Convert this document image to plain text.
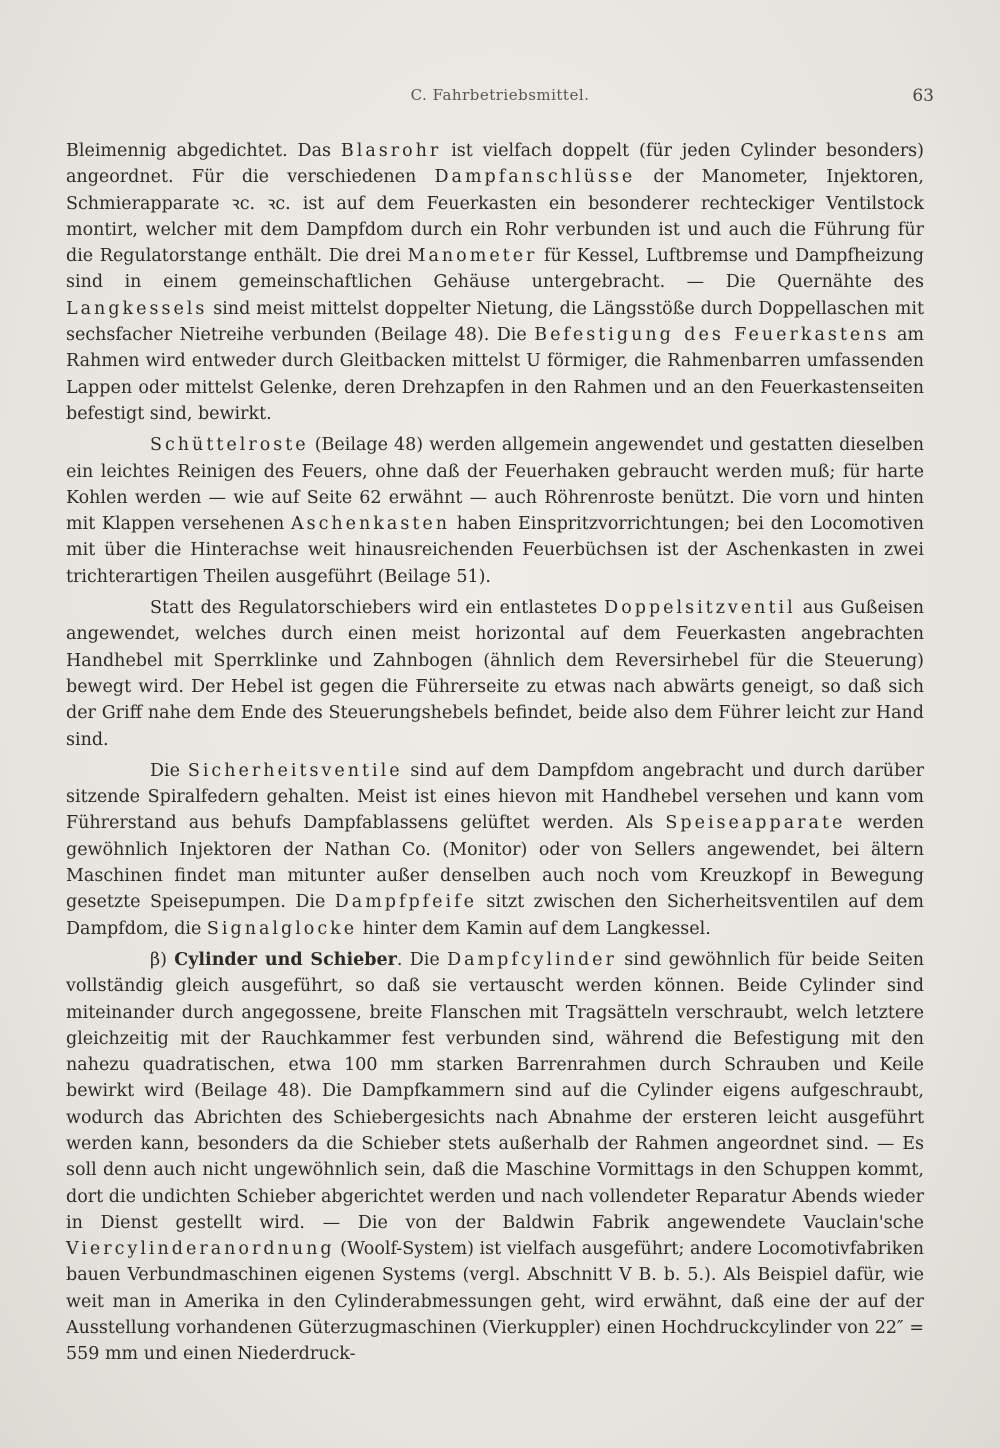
C. Fahrbetriebsmittel.	63

Bleimennig abgedichtet. Das Blasrohr ist vielfach doppelt (für jeden Cylinder besonders) angeordnet. Für die verschiedenen Dampfanschlüsse der Manometer, Injektoren, Schmierapparate ꝛc. ꝛc. ist auf dem Feuerkasten ein besonderer rechteckiger Ventilstock montirt, welcher mit dem Dampfdom durch ein Rohr verbunden ist und auch die Führung für die Regulatorstange enthält. Die drei Manometer für Kessel, Luftbremse und Dampfheizung sind in einem gemeinschaftlichen Gehäuse untergebracht. — Die Quernähte des Langkessels sind meist mittelst doppelter Nietung, die Längsstöße durch Doppellaschen mit sechsfacher Nietreihe verbunden (Beilage 48). Die Befestigung des Feuerkastens am Rahmen wird entweder durch Gleitbacken mittelst U förmiger, die Rahmenbarren umfassenden Lappen oder mittelst Gelenke, deren Drehzapfen in den Rahmen und an den Feuerkastenseiten befestigt sind, bewirkt.

Schüttelroste (Beilage 48) werden allgemein angewendet und gestatten dieselben ein leichtes Reinigen des Feuers, ohne daß der Feuerhaken gebraucht werden muß; für harte Kohlen werden — wie auf Seite 62 erwähnt — auch Röhrenroste benützt. Die vorn und hinten mit Klappen versehenen Aschenkasten haben Einspritzvorrichtungen; bei den Locomotiven mit über die Hinterachse weit hinausreichenden Feuerbüchsen ist der Aschenkasten in zwei trichterartigen Theilen ausgeführt (Beilage 51).

Statt des Regulatorschiebers wird ein entlastetes Doppelsitzventil aus Gußeisen angewendet, welches durch einen meist horizontal auf dem Feuerkasten angebrachten Handhebel mit Sperrklinke und Zahnbogen (ähnlich dem Reversirhebel für die Steuerung) bewegt wird. Der Hebel ist gegen die Führerseite zu etwas nach abwärts geneigt, so daß sich der Griff nahe dem Ende des Steuerungshebels befindet, beide also dem Führer leicht zur Hand sind.

Die Sicherheitsventile sind auf dem Dampfdom angebracht und durch darüber sitzende Spiralfedern gehalten. Meist ist eines hievon mit Handhebel versehen und kann vom Führerstand aus behufs Dampfablassens gelüftet werden. Als Speiseapparate werden gewöhnlich Injektoren der Nathan Co. (Monitor) oder von Sellers angewendet, bei ältern Maschinen findet man mitunter außer denselben auch noch vom Kreuzkopf in Bewegung gesetzte Speisepumpen. Die Dampfpfeife sitzt zwischen den Sicherheitsventilen auf dem Dampfdom, die Signalglocke hinter dem Kamin auf dem Langkessel.

β) Cylinder und Schieber. Die Dampfcylinder sind gewöhnlich für beide Seiten vollständig gleich ausgeführt, so daß sie vertauscht werden können. Beide Cylinder sind miteinander durch angegossene, breite Flanschen mit Tragsätteln verschraubt, welch letztere gleichzeitig mit der Rauchkammer fest verbunden sind, während die Befestigung mit den nahezu quadratischen, etwa 100 mm starken Barrenrahmen durch Schrauben und Keile bewirkt wird (Beilage 48). Die Dampfkammern sind auf die Cylinder eigens aufgeschraubt, wodurch das Abrichten des Schiebergesichts nach Abnahme der ersteren leicht ausgeführt werden kann, besonders da die Schieber stets außerhalb der Rahmen angeordnet sind. — Es soll denn auch nicht ungewöhnlich sein, daß die Maschine Vormittags in den Schuppen kommt, dort die undichten Schieber abgerichtet werden und nach vollendeter Reparatur Abends wieder in Dienst gestellt wird. — Die von der Baldwin Fabrik angewendete Vauclain'sche Viercylinderanordnung (Woolf-System) ist vielfach ausgeführt; andere Locomotivfabriken bauen Verbundmaschinen eigenen Systems (vergl. Abschnitt V B. b. 5.). Als Beispiel dafür, wie weit man in Amerika in den Cylinderabmessungen geht, wird erwähnt, daß eine der auf der Ausstellung vorhandenen Güterzugmaschinen (Vierkuppler) einen Hochdruckcylinder von 22″ = 559 mm und einen Niederdruck-
